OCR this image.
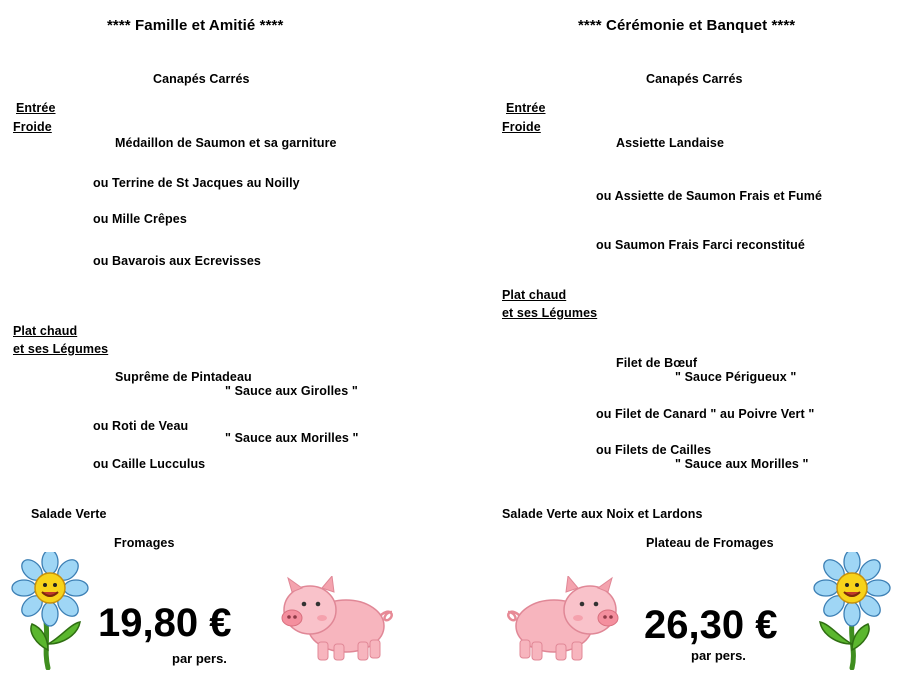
**** Famille et Amitié ****
Canapés Carrés
Entrée
Froide
Médaillon de Saumon et sa garniture
ou Terrine de St Jacques au Noilly
ou Mille Crêpes
ou Bavarois aux Ecrevisses
Plat chaud
et ses Légumes
Suprême de Pintadeau
" Sauce aux Girolles "
ou Roti de Veau
" Sauce aux Morilles "
ou Caille Lucculus
Salade Verte
Fromages
19,80 €
par pers.
**** Cérémonie et Banquet ****
Canapés Carrés
Entrée
Froide
Assiette Landaise
ou Assiette de Saumon Frais et Fumé
ou Saumon Frais Farci reconstitué
Plat chaud
et ses Légumes
Filet de Bœuf
" Sauce Périgueux "
ou Filet de Canard " au Poivre Vert "
ou Filets de Cailles
" Sauce aux Morilles "
Salade Verte aux Noix et Lardons
Plateau de Fromages
26,30 €
par pers.
